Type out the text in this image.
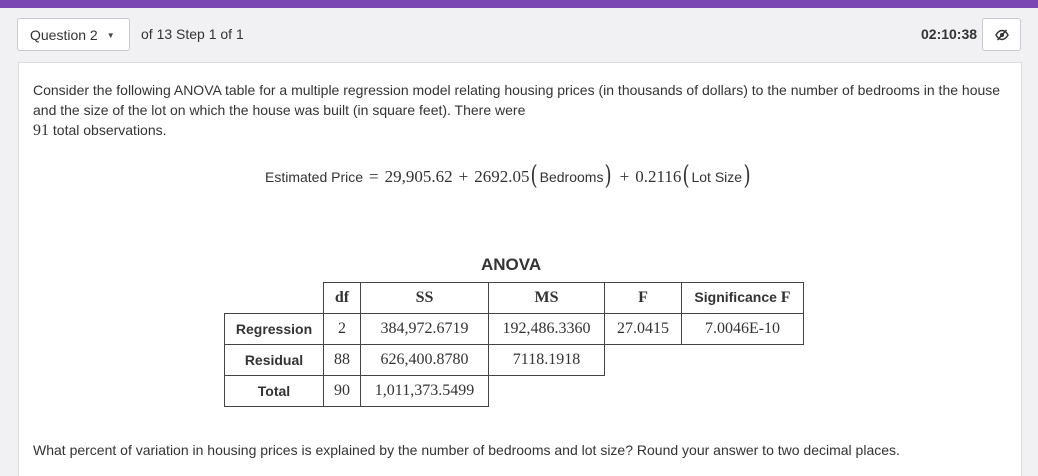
Question 2 ▼ of 13 Step 1 of 1	02:10:38
Consider the following ANOVA table for a multiple regression model relating housing prices (in thousands of dollars) to the number of bedrooms in the house and the size of the lot on which the house was built (in square feet). There were
91 total observations.
Estimated Price = 29,905.62 + 2692.05 ( Bedrooms ) + 0.2116 ( Lot Size )
ANOVA
	df	SS	MS	F	Significance F
Regression	2	384,972.6719	192,486.3360	27.0415	7.0046E-10
Residual	88	626,400.8780	7118.1918		
Total	90	1,011,373.5499			
What percent of variation in housing prices is explained by the number of bedrooms and lot size? Round your answer to two decimal places.
